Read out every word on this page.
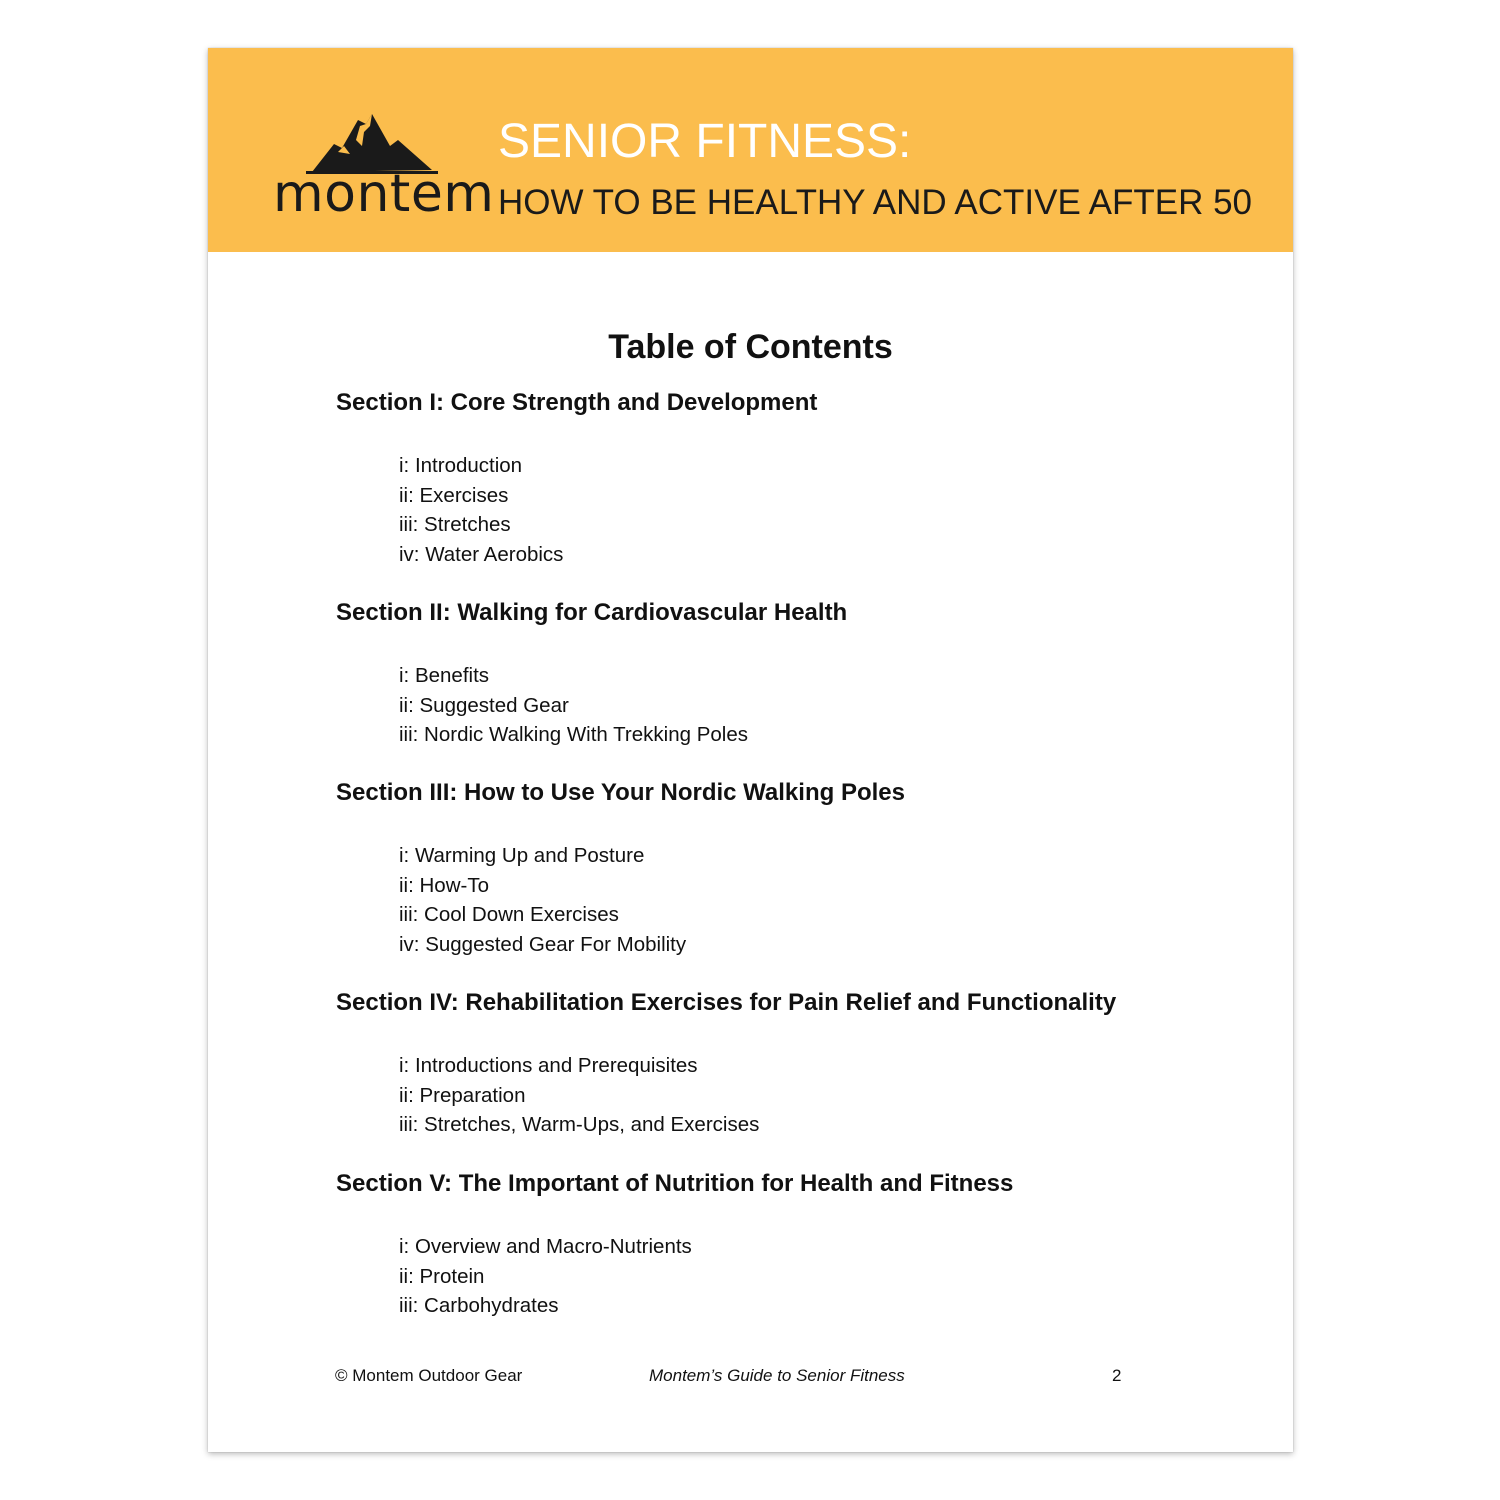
montem
SENIOR FITNESS:
HOW TO BE HEALTHY AND ACTIVE AFTER 50
Table of Contents
Section I: Core Strength and Development
i: Introduction
ii: Exercises
iii: Stretches
iv: Water Aerobics
Section II: Walking for Cardiovascular Health
i: Benefits
ii: Suggested Gear
iii: Nordic Walking With Trekking Poles
Section III: How to Use Your Nordic Walking Poles
i: Warming Up and Posture
ii: How-To
iii: Cool Down Exercises
iv: Suggested Gear For Mobility
Section IV: Rehabilitation Exercises for Pain Relief and Functionality
i: Introductions and Prerequisites
ii: Preparation
iii: Stretches, Warm-Ups, and Exercises
Section V: The Important of Nutrition for Health and Fitness
i: Overview and Macro-Nutrients
ii: Protein
iii: Carbohydrates
© Montem Outdoor Gear	Montem’s Guide to Senior Fitness	2
